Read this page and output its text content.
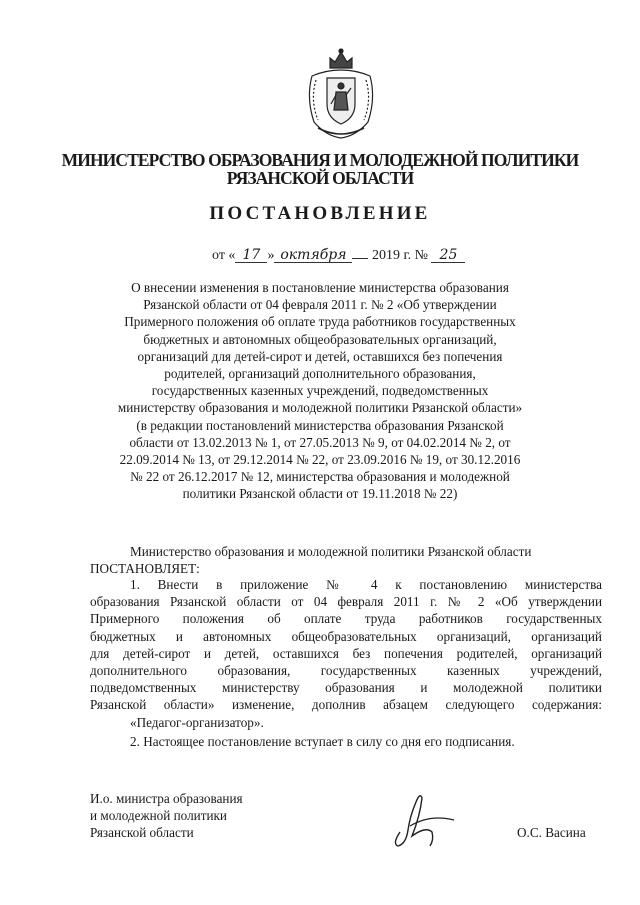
МИНИСТЕРСТВО ОБРАЗОВАНИЯ И МОЛОДЕЖНОЙ ПОЛИТИКИ
РЯЗАНСКОЙ ОБЛАСТИ
ПОСТАНОВЛЕНИЕ
от « 17 » октября 2019 г. № 25
О внесении изменения в постановление министерства образования
Рязанской области от 04 февраля 2011 г. № 2 «Об утверждении
Примерного положения об оплате труда работников государственных
бюджетных и автономных общеобразовательных организаций,
организаций для детей-сирот и детей, оставшихся без попечения
родителей, организаций дополнительного образования,
государственных казенных учреждений, подведомственных
министерству образования и молодежной политики Рязанской области»
(в редакции постановлений министерства образования Рязанской
области от 13.02.2013 № 1, от 27.05.2013 № 9, от 04.02.2014 № 2, от
22.09.2014 № 13, от 29.12.2014 № 22, от 23.09.2016 № 19, от 30.12.2016
№ 22 от 26.12.2017 № 12, министерства образования и молодежной
политики Рязанской области от 19.11.2018 № 22)
Министерство образования и молодежной политики Рязанской области
ПОСТАНОВЛЯЕТ:
1. Внести в приложение № 4 к постановлению министерства
образования Рязанской области от 04 февраля 2011 г. № 2 «Об утверждении
Примерного положения об оплате труда работников государственных
бюджетных и автономных общеобразовательных организаций, организаций
для детей-сирот и детей, оставшихся без попечения родителей, организаций
дополнительного образования, государственных казенных учреждений,
подведомственных министерству образования и молодежной политики
Рязанской области» изменение, дополнив абзацем следующего содержания:
«Педагог-организатор».
2. Настоящее постановление вступает в силу со дня его подписания.
И.о. министра образования
и молодежной политики
Рязанской области	О.С. Васина
